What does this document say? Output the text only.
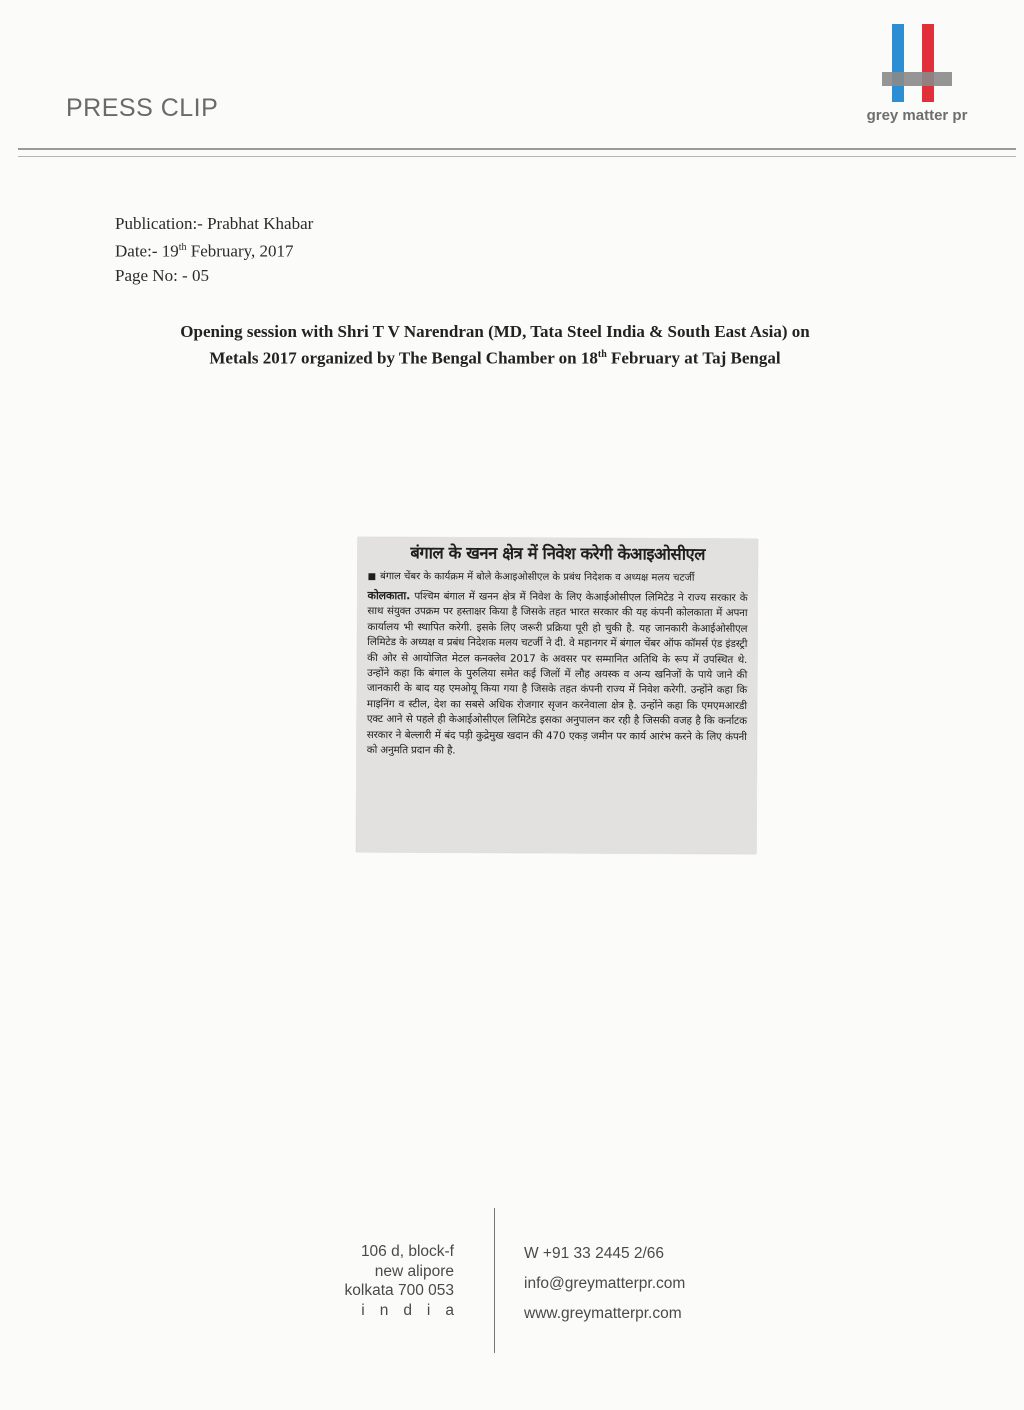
PRESS CLIP	grey matter pr
Publication:- Prabhat Khabar
Date:- 19th February, 2017
Page No: - 05
Opening session with Shri T V Narendran (MD, Tata Steel India & South East Asia) on
Metals 2017 organized by The Bengal Chamber on 18th February at Taj Bengal
बंगाल के खनन क्षेत्र में निवेश करेगी केआइओसीएल
■ बंगाल चेंबर के कार्यक्रम में बोले केआइओसीएल के प्रबंध निदेशक व अध्यक्ष मलय चटर्जी
कोलकाता. पश्चिम बंगाल में खनन क्षेत्र में निवेश के लिए केआईओसीएल लिमिटेड ने राज्य सरकार के साथ संयुक्त उपक्रम पर हस्ताक्षर किया है जिसके तहत भारत सरकार की यह कंपनी कोलकाता में अपना कार्यालय भी स्थापित करेगी. इसके लिए जरूरी प्रक्रिया पूरी हो चुकी है. यह जानकारी केआईओसीएल लिमिटेड के अध्यक्ष व प्रबंध निदेशक मलय चटर्जी ने दी. वे महानगर में बंगाल चेंबर ऑफ कॉमर्स एंड इंडस्ट्री की ओर से आयोजित मेटल कनक्लेव 2017 के अवसर पर सम्मानित अतिथि के रूप में उपस्थित थे. उन्होंने कहा कि बंगाल के पुरुलिया समेत कई जिलों में लौह अयस्क व अन्य खनिजों के पाये जाने की जानकारी के बाद यह एमओयू किया गया है जिसके तहत कंपनी राज्य में निवेश करेगी. उन्होंने कहा कि माइनिंग व स्टील, देश का सबसे अधिक रोजगार सृजन करनेवाला क्षेत्र है. उन्होंने कहा कि एमएमआरडी एक्ट आने से पहले ही केआईओसीएल लिमिटेड इसका अनुपालन कर रही है जिसकी वजह है कि कर्नाटक सरकार ने बेल्लारी में बंद पड़ी कुद्रेमुख खदान की 470 एकड़ जमीन पर कार्य आरंभ करने के लिए कंपनी को अनुमति प्रदान की है.
106 d, block-f
new alipore
kolkata 700 053
india
W +91 33 2445 2/66
info@greymatterpr.com
www.greymatterpr.com
